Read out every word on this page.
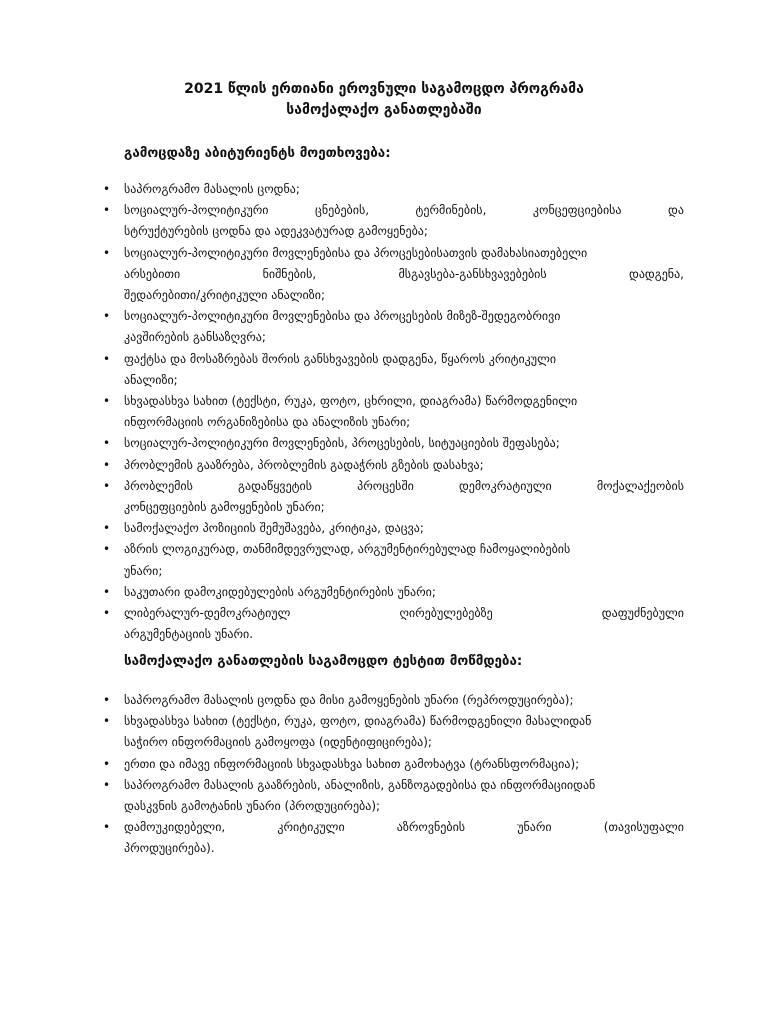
2021 წლის ერთიანი ეროვნული საგამოცდო პროგრამა
სამოქალაქო განათლებაში
გამოცდაზე აბიტურიენტს მოეთხოვება:
• საპროგრამო მასალის ცოდნა;
• სოციალურ-პოლიტიკური	ცნებების,	ტერმინების,	კონცეფციებისა	და
სტრუქტურების ცოდნა და ადეკვატურად გამოყენება;
• სოციალურ-პოლიტიკური მოვლენებისა და პროცესებისათვის დამახასიათებელი
არსებითი	ნიშნების,	მსგავსება-განსხვავებების	დადგენა,
შედარებითი/კრიტიკული ანალიზი;
• სოციალურ-პოლიტიკური მოვლენებისა და პროცესების მიზეზ-შედეგობრივი
კავშირების განსაზღვრა;
• ფაქტსა და მოსაზრებას შორის განსხვავების დადგენა, წყაროს კრიტიკული
ანალიზი;
• სხვადასხვა სახით (ტექსტი, რუკა, ფოტო, ცხრილი, დიაგრამა) წარმოდგენილი
ინფორმაციის ორგანიზებისა და ანალიზის უნარი;
• სოციალურ-პოლიტიკური მოვლენების, პროცესების, სიტუაციების შეფასება;
• პრობლემის გააზრება, პრობლემის გადაჭრის გზების დასახვა;
• პრობლემის	გადაწყვეტის	პროცესში	დემოკრატიული	მოქალაქეობის
კონცეფციების გამოყენების უნარი;
• სამოქალაქო პოზიციის შემუშავება, კრიტიკა, დაცვა;
• აზრის ლოგიკურად, თანმიმდევრულად, არგუმენტირებულად ჩამოყალიბების
უნარი;
• საკუთარი დამოკიდებულების არგუმენტირების უნარი;
• ლიბერალურ-დემოკრატიულ	ღირებულებებზე	დაფუძნებული
არგუმენტაციის უნარი.
სამოქალაქო განათლების საგამოცდო ტესტით მოწმდება:
• საპროგრამო მასალის ცოდნა და მისი გამოყენების უნარი (რეპროდუცირება);
• სხვადასხვა სახით (ტექსტი, რუკა, ფოტო, დიაგრამა) წარმოდგენილი მასალიდან
საჭირო ინფორმაციის გამოყოფა (იდენტიფიცირება);
• ერთი და იმავე ინფორმაციის სხვადასხვა სახით გამოხატვა (ტრანსფორმაცია);
• საპროგრამო მასალის გააზრების, ანალიზის, განზოგადებისა და ინფორმაციიდან
დასკვნის გამოტანის უნარი (პროდუცირება);
• დამოუკიდებელი,	კრიტიკული	აზროვნების	უნარი	(თავისუფალი
პროდუცირება).
